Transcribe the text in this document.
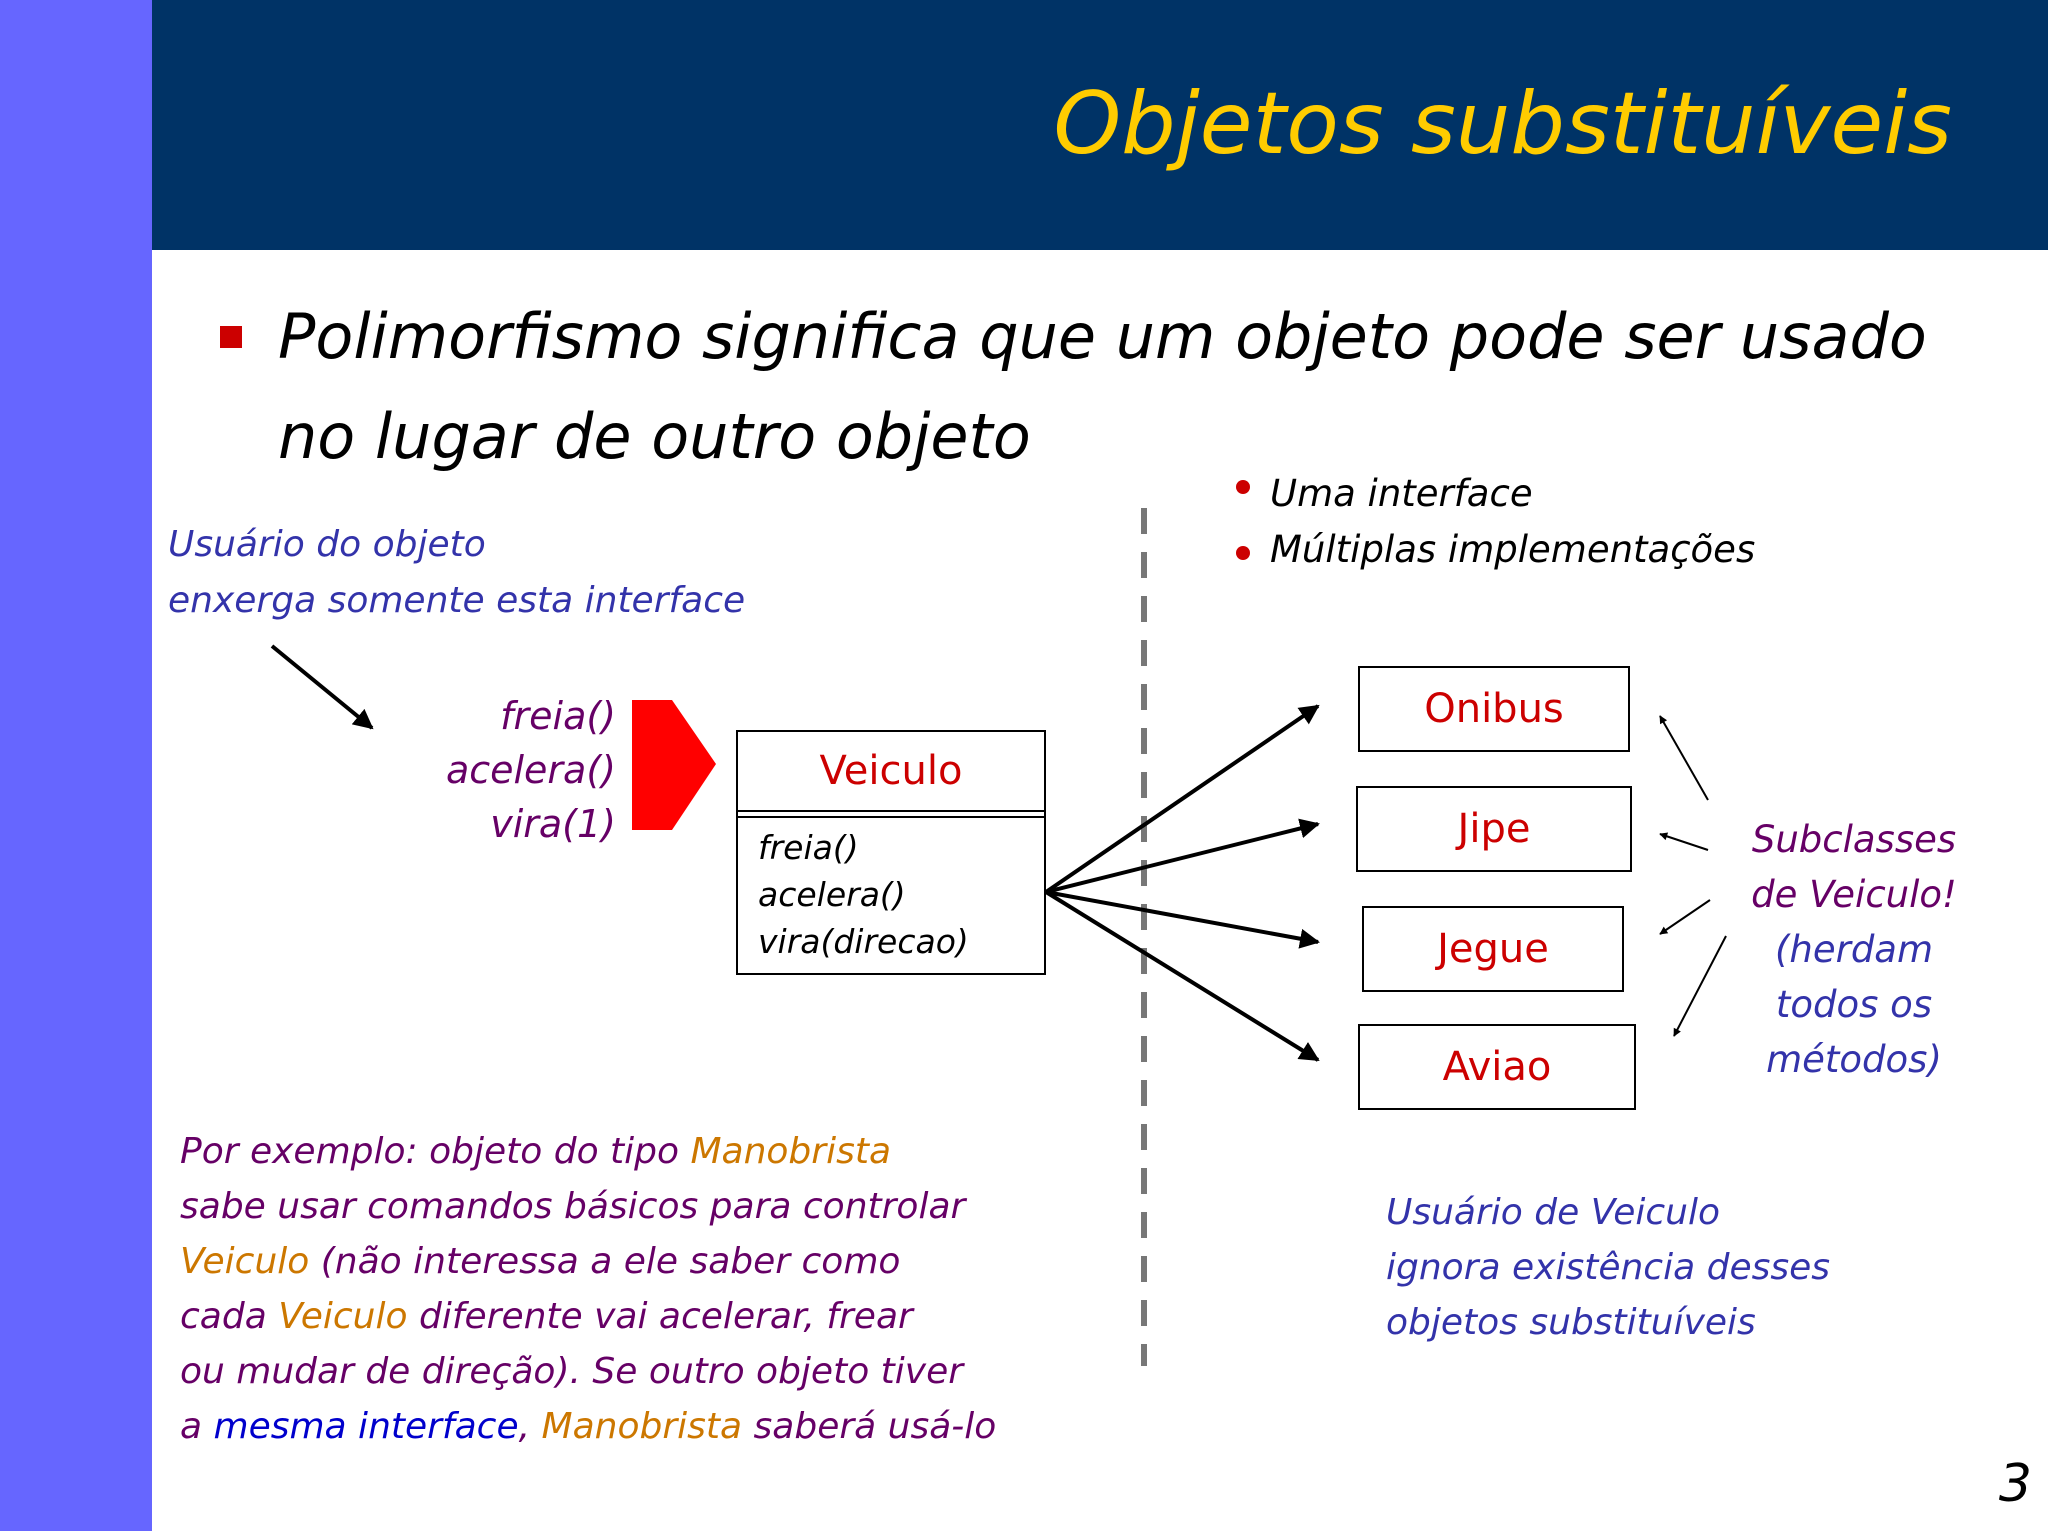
Objetos substituíveis
Polimorfismo significa que um objeto pode ser usado
no lugar de outro objeto
Uma interface
Múltiplas implementações
Usuário do objeto
enxerga somente esta interface
freia()
acelera()
vira(1)
Veiculo
freia()
acelera()
vira(direcao)
Onibus
Jipe
Jegue
Aviao
Subclasses
de Veiculo!
(herdam
todos os
métodos)
Usuário de Veiculo
ignora existência desses
objetos substituíveis
Por exemplo: objeto do tipo Manobrista
sabe usar comandos básicos para controlar
Veiculo (não interessa a ele saber como
cada Veiculo diferente vai acelerar, frear
ou mudar de direção). Se outro objeto tiver
a mesma interface, Manobrista saberá usá-lo
3
